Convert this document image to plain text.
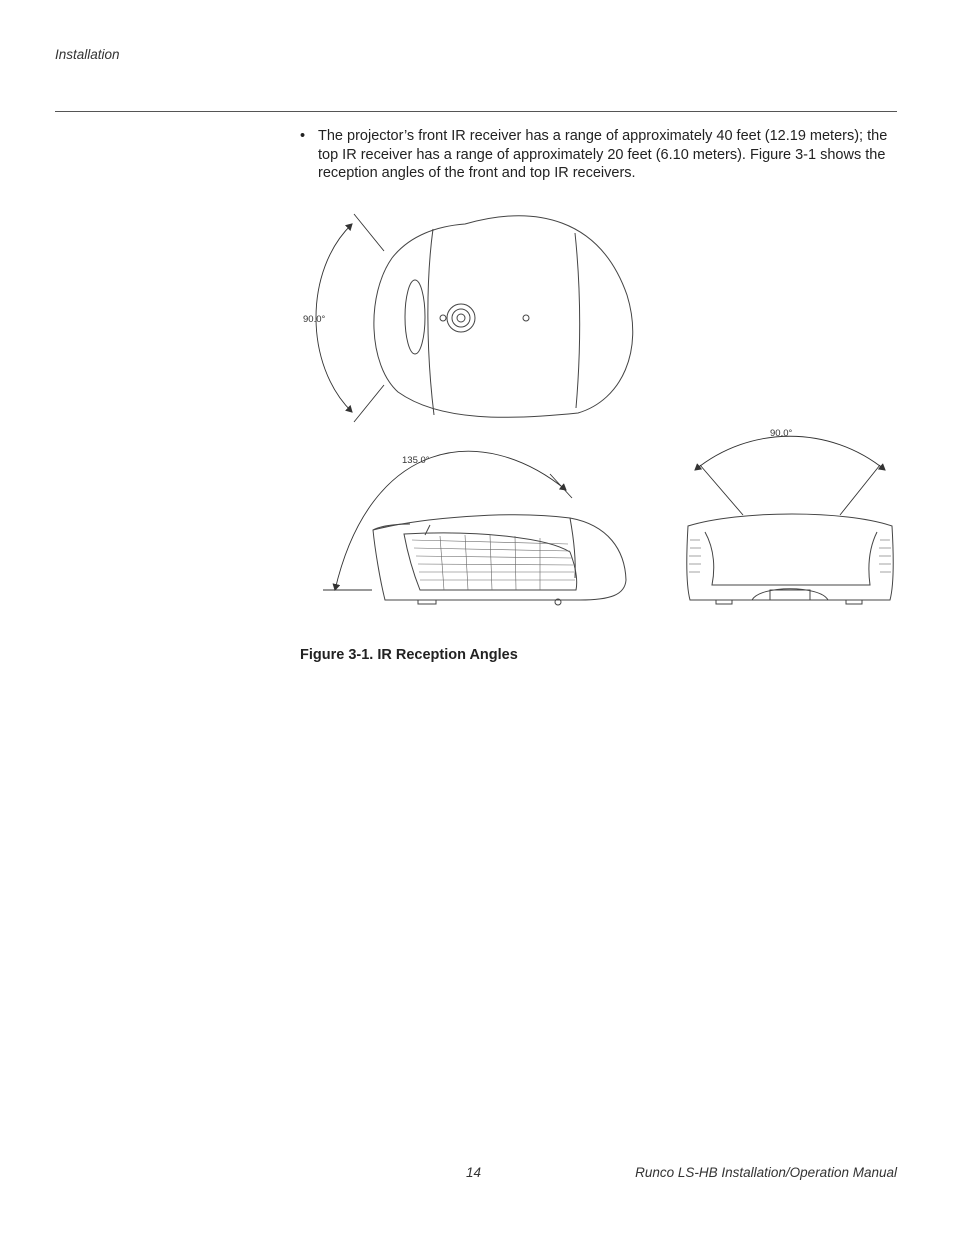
Installation
• The projector’s front IR receiver has a range of approximately 40 feet (12.19 meters); the top IR receiver has a range of approximately 20 feet (6.10 meters). Figure 3-1 shows the reception angles of the front and top IR receivers.
90.0°
135.0°
90.0°
Figure 3-1. IR Reception Angles
14	Runco LS-HB Installation/Operation Manual
